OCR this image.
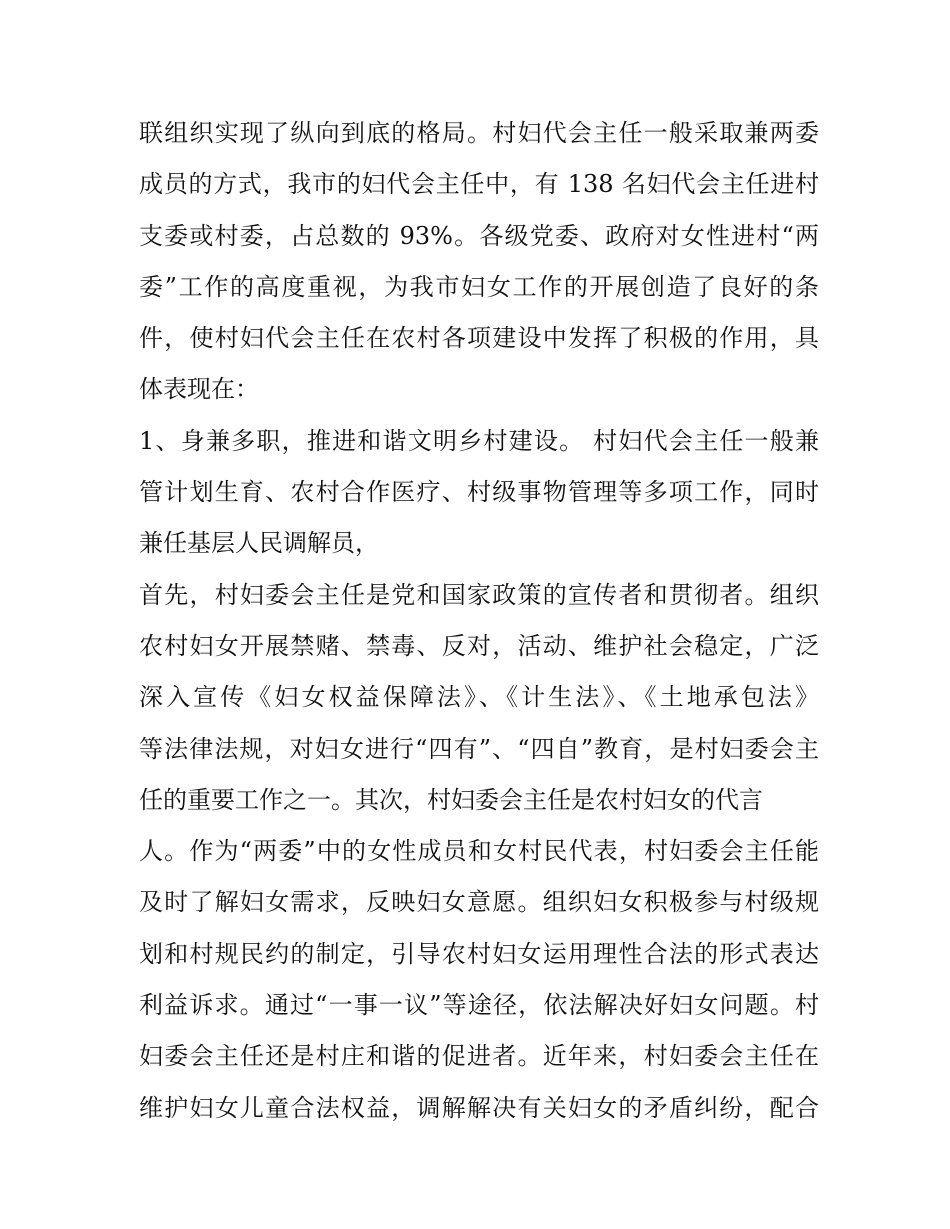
联组织实现了纵向到底的格局。村妇代会主任一般采取兼两委
成员的方式，我市的妇代会主任中，有 138 名妇代会主任进村
支委或村委，占总数的 93%。各级党委、政府对女性进村“两
委”工作的高度重视，为我市妇女工作的开展创造了良好的条
件，使村妇代会主任在农村各项建设中发挥了积极的作用，具
体表现在：
1、身兼多职，推进和谐文明乡村建设。 村妇代会主任一般兼
管计划生育、农村合作医疗、村级事物管理等多项工作，同时
兼任基层人民调解员，
首先，村妇委会主任是党和国家政策的宣传者和贯彻者。组织
农村妇女开展禁赌、禁毒、反对，活动、维护社会稳定，广泛
深入宣传《妇女权益保障法》、《计生法》、《土地承包法》
等法律法规，对妇女进行“四有”、“四自”教育，是村妇委会主
任的重要工作之一。其次，村妇委会主任是农村妇女的代言
人。作为“两委”中的女性成员和女村民代表，村妇委会主任能
及时了解妇女需求，反映妇女意愿。组织妇女积极参与村级规
划和村规民约的制定，引导农村妇女运用理性合法的形式表达
利益诉求。通过“一事一议”等途径，依法解决好妇女问题。村
妇委会主任还是村庄和谐的促进者。近年来，村妇委会主任在
维护妇女儿童合法权益，调解解决有关妇女的矛盾纠纷，配合
